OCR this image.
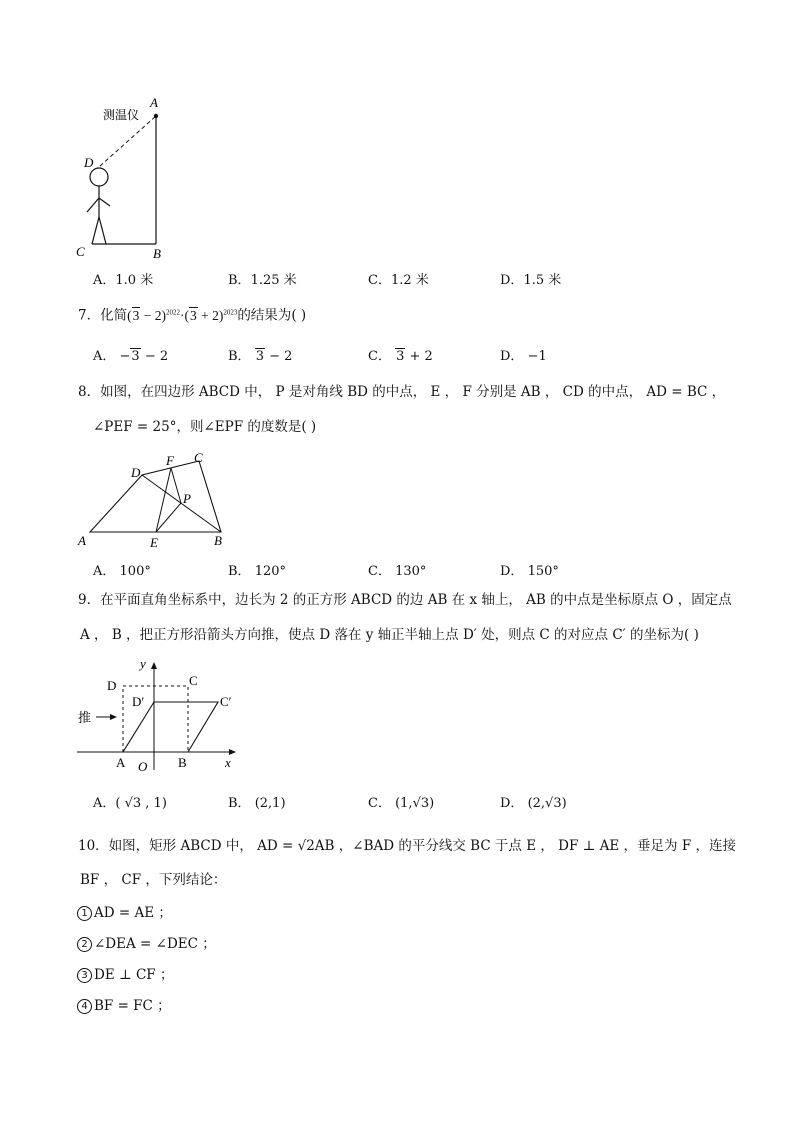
A
测温仪
D
C	B
A．1.0 米	B．1.25 米	C．1.2 米	D．1.5 米
7．化简$(3 - 2)^{2022}\cdot(3 + 2)^{2023}$的结果为( )
A． −3 − 2	B． 3 − 2	C． 3 + 2	D． −1
8．如图，在四边形 ABCD 中， P 是对角线 BD 的中点， E ， F 分别是 AB ， CD 的中点， AD = BC ，
∠PEF = 25°，则∠EPF 的度数是( )
D
F C
P
A	E	B
A． 100°	B． 120°	C． 130°	D． 150°
9．在平面直角坐标系中，边长为 2 的正方形 ABCD 的边 AB 在 x 轴上， AB 的中点是坐标原点 O ，固定点
A ， B ，把正方形沿箭头方向推，使点 D 落在 y 轴正半轴上点 D′ 处，则点 C 的对应点 C′ 的坐标为( )
推
y
D	C
D′	C′
A O B	x
A．( √3 , 1)	B． (2,1)	C． (1,√3)	D． (2,√3)
10．如图，矩形 ABCD 中， AD = √2AB ，∠BAD 的平分线交 BC 于点 E ， DF ⊥ AE ，垂足为 F ，连接
BF ， CF ，下列结论：
1 AD = AE ；
2 ∠DEA = ∠DEC ；
3 DE ⊥ CF ；
4 BF = FC ；
